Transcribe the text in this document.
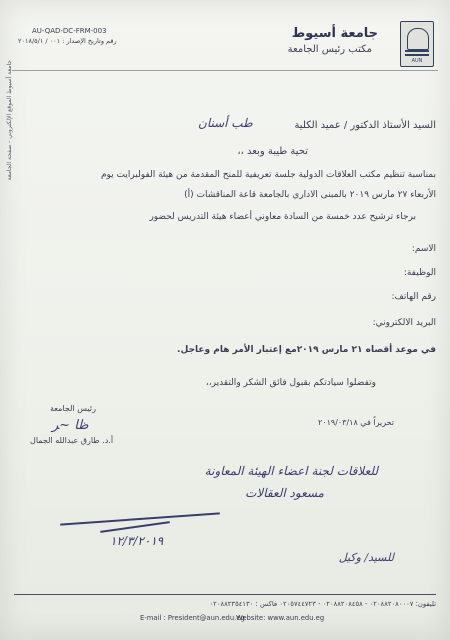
AUN
جامعة أسيوط
مكتب رئيس الجامعة
AU-QAD-DC-FRM-003
رقم وتاريخ الإصدار : ٠٠١ / ٢٠١٨/٥/١
السيد الأستاذ الدكتور / عميد الكلية
طب أسنان
تحية طيبة وبعد ،،
بمناسبة تنظيم مكتب العلاقات الدولية جلسة تعريفية للمنح المقدمة من هيئة الفولبرايت يوم
الأربعاء ٢٧ مارس ٢٠١٩ بالمبنى الاداري بالجامعة قاعة المناقشات (أ)
برجاء ترشيح عدد خمسة من السادة معاوني أعضاء هيئة التدريس لحضور
الاسم:
الوظيفة:
رقم الهاتف:
البريد الالكتروني:
في موعد أقصاه ٢١ مارس ٢٠١٩مع إعتبار الأمر هام وعاجل.
وتفضلوا سيادتكم بقبول فائق الشكر والتقدير،،
رئيس الجامعة
ﻇﺎ ~ﺮ
أ.د. طارق عبدالله الجمال
تحريراً في ٢٠١٩/٠٣/١٨
للعلاقات لجنة اعضاء الهيئة المعاونة
مسعود العقالات
١٢/٣/٢٠١٩
للسيد/ وكيل
جامعة أسيوط الموقع الإلكتروني - صفحة الجامعة
تليفون: ٠٢٠٨٨٢٠٨٠٠٠٧ - ٠٢٠٨٨٢٠٨٤٥٨ - ٠٢٠٥٧٤٤٧٢٣ فاكس : ٠٢٠٨٨٢٣٥٤١٣٠
E-mail : President@aun.edu.eg
Website: www.aun.edu.eg
